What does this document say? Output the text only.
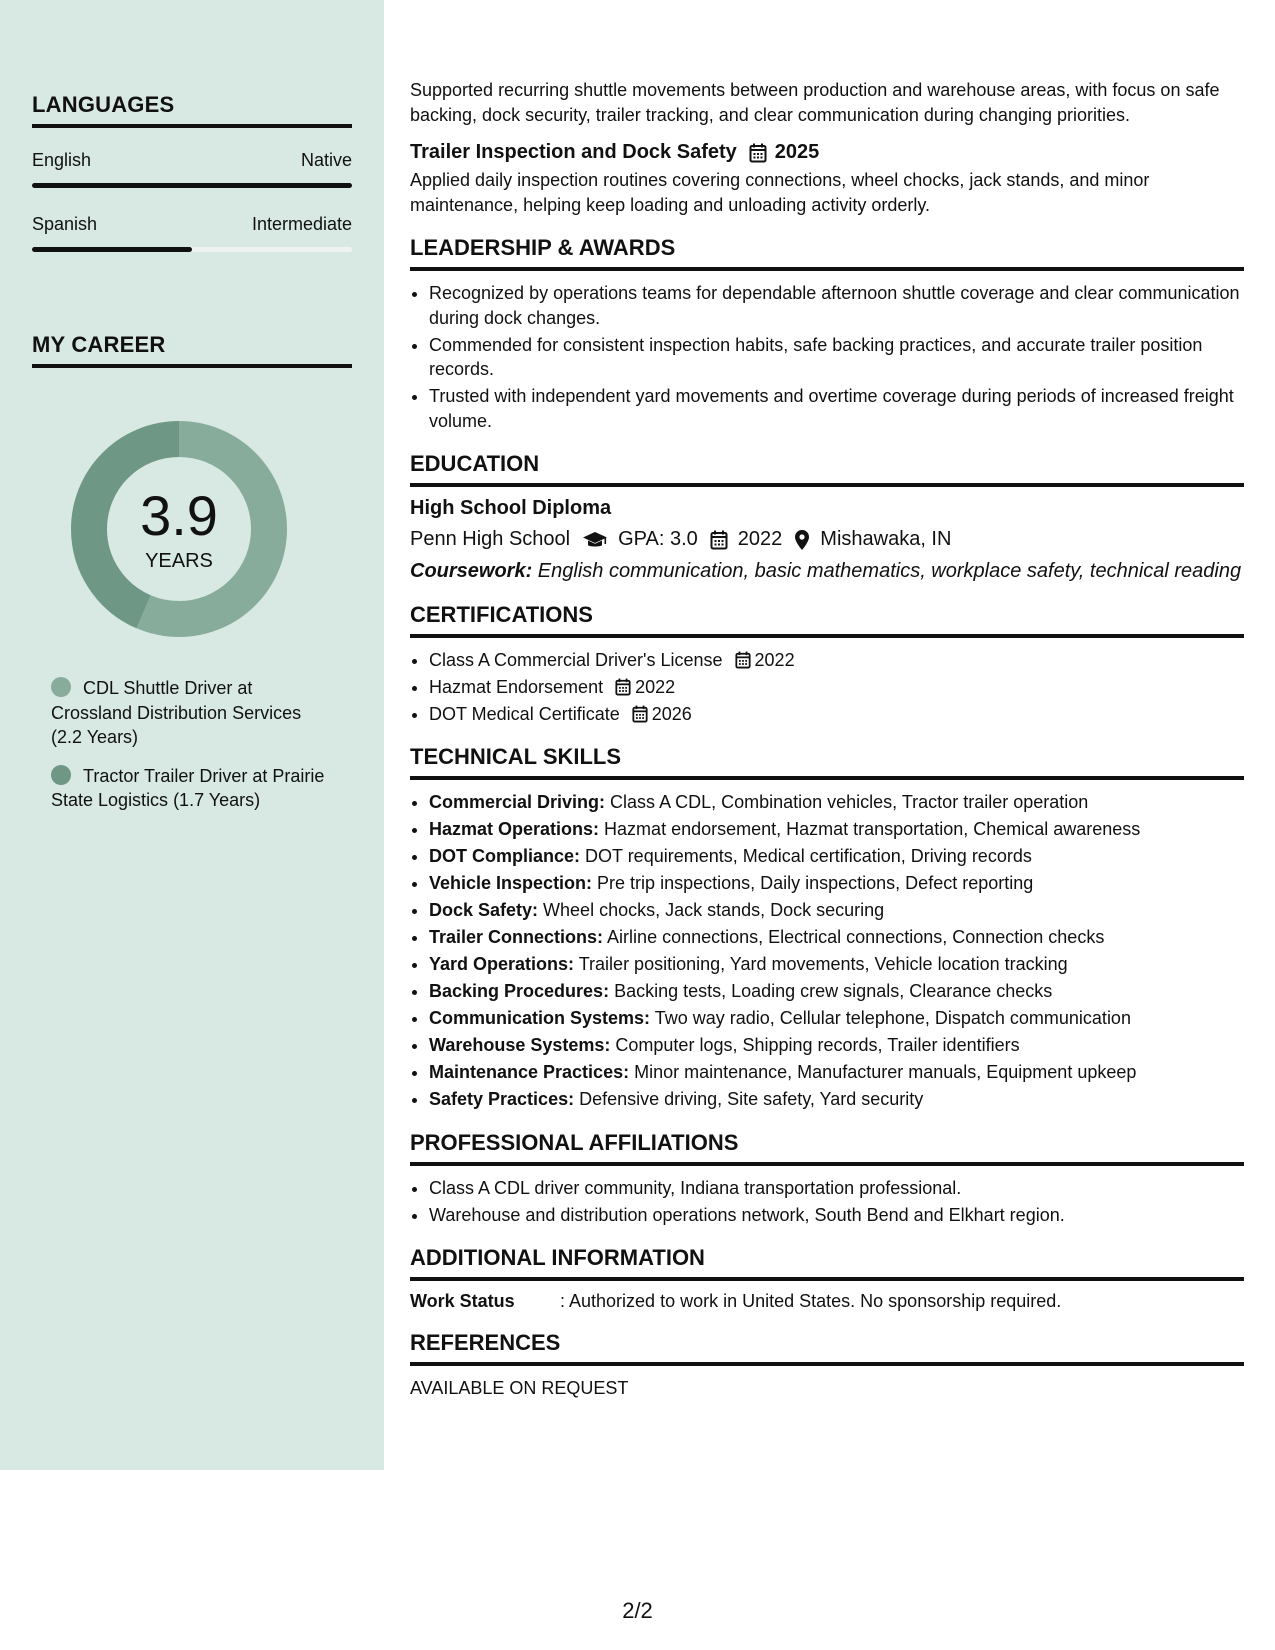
LANGUAGES
English	Native
Spanish	Intermediate
MY CAREER
3.9
YEARS
CDL Shuttle Driver at Crossland Distribution Services (2.2 Years)
Tractor Trailer Driver at Prairie State Logistics (1.7 Years)

Supported recurring shuttle movements between production and warehouse areas, with focus on safe backing, dock security, trailer tracking, and clear communication during changing priorities.

Trailer Inspection and Dock Safety 2025

Applied daily inspection routines covering connections, wheel chocks, jack stands, and minor maintenance, helping keep loading and unloading activity orderly.

LEADERSHIP & AWARDS
• Recognized by operations teams for dependable afternoon shuttle coverage and clear communication during dock changes.
• Commended for consistent inspection habits, safe backing practices, and accurate trailer position records.
• Trusted with independent yard movements and overtime coverage during periods of increased freight volume.
EDUCATION
High School Diploma
Penn High School GPA: 3.0 2022 Mishawaka, IN
Coursework: English communication, basic mathematics, workplace safety, technical reading
CERTIFICATIONS
• Class A Commercial Driver's License 2022
• Hazmat Endorsement 2022
• DOT Medical Certificate 2026
TECHNICAL SKILLS
• Commercial Driving: Class A CDL, Combination vehicles, Tractor trailer operation
• Hazmat Operations: Hazmat endorsement, Hazmat transportation, Chemical awareness
• DOT Compliance: DOT requirements, Medical certification, Driving records
• Vehicle Inspection: Pre trip inspections, Daily inspections, Defect reporting
• Dock Safety: Wheel chocks, Jack stands, Dock securing
• Trailer Connections: Airline connections, Electrical connections, Connection checks
• Yard Operations: Trailer positioning, Yard movements, Vehicle location tracking
• Backing Procedures: Backing tests, Loading crew signals, Clearance checks
• Communication Systems: Two way radio, Cellular telephone, Dispatch communication
• Warehouse Systems: Computer logs, Shipping records, Trailer identifiers
• Maintenance Practices: Minor maintenance, Manufacturer manuals, Equipment upkeep
• Safety Practices: Defensive driving, Site safety, Yard security
PROFESSIONAL AFFILIATIONS
• Class A CDL driver community, Indiana transportation professional.
• Warehouse and distribution operations network, South Bend and Elkhart region.
ADDITIONAL INFORMATION
Work Status	: Authorized to work in United States. No sponsorship required.
REFERENCES
AVAILABLE ON REQUEST
2/2
